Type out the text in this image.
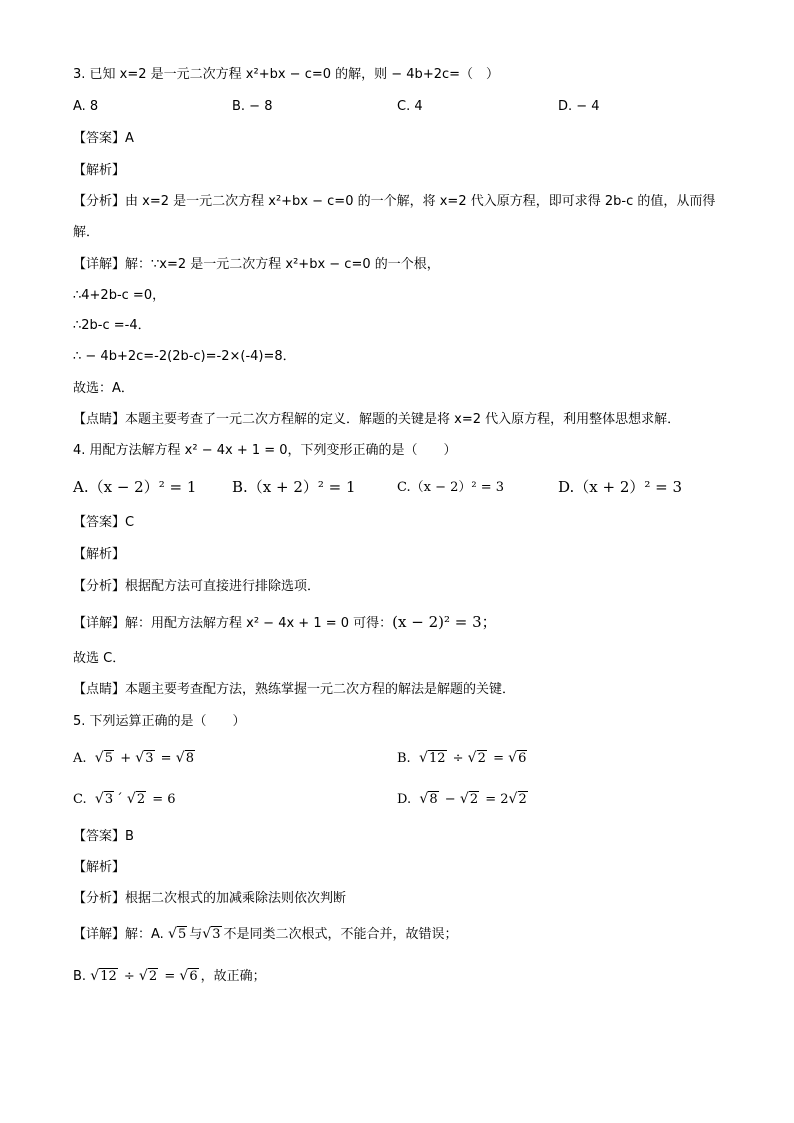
3. 已知 x=2 是一元二次方程 x²+bx − c=0 的解，则 − 4b+2c=（　）
A. 8	B. − 8	C. 4	D. − 4
【答案】A
【解析】
【分析】由 x=2 是一元二次方程 x²+bx − c=0 的一个解，将 x=2 代入原方程，即可求得 2b-c 的值，从而得
解．
【详解】解：∵x=2 是一元二次方程 x²+bx − c=0 的一个根，
∴4+2b-c =0，
∴2b-c =-4．
∴ − 4b+2c=-2(2b-c)=-2×(-4)=8．
故选：A．
【点睛】本题主要考查了一元二次方程解的定义．解题的关键是将 x=2 代入原方程，利用整体思想求解．
4. 用配方法解方程 x² − 4x + 1 = 0，下列变形正确的是（　　）
A.（x − 2）² = 1 B.（x + 2）² = 1	C.（x − 2）² = 3	D.（x + 2）² = 3
【答案】C
【解析】
【分析】根据配方法可直接进行排除选项．
【详解】解：用配方法解方程 x² − 4x + 1 = 0 可得：(x − 2)² = 3；
故选 C．
【点睛】本题主要考查配方法，熟练掌握一元二次方程的解法是解题的关键．
5. 下列运算正确的是（　　）
A. √ 5 + √ 3 = √ 8	B. √ 12 ÷ √ 2 = √ 6
C. √ 3 ´ √ 2 = 6	D. √ 8 − √ 2 = 2 √ 2
【答案】B
【解析】
【分析】根据二次根式的加减乘除法则依次判断
【详解】解：A. √ 5 与 √ 3 不是同类二次根式，不能合并，故错误；
B. √ 12 ÷ √ 2 = √ 6 ，故正确；
